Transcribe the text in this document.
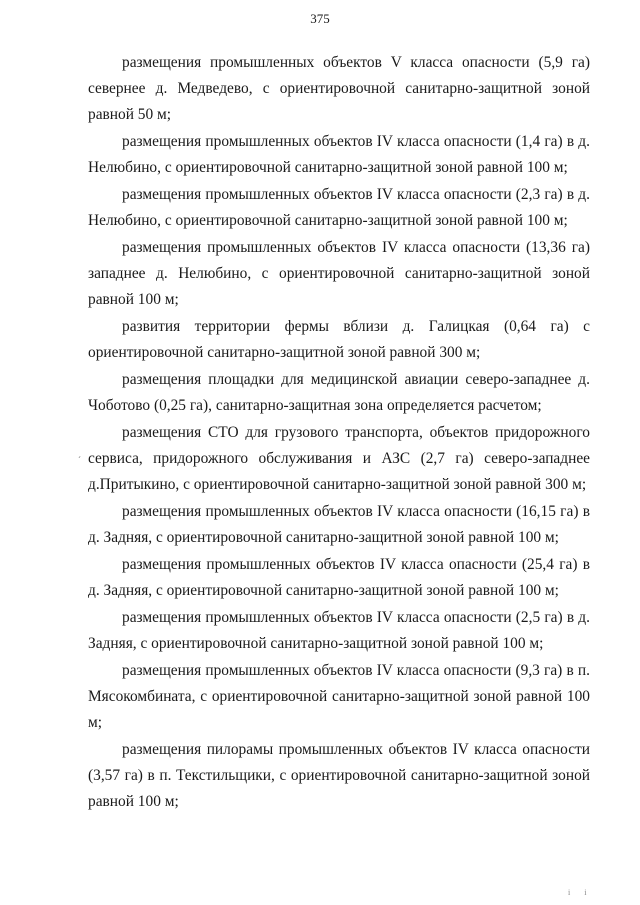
375
´

размещения промышленных объектов V класса опасности (5,9 га) севернее д. Медведево, с ориентировочной санитарно-защитной зоной равной 50 м;

размещения промышленных объектов IV класса опасности (1,4 га) в д. Нелюбино, с ориентировочной санитарно-защитной зоной равной 100 м;

размещения промышленных объектов IV класса опасности (2,3 га) в д. Нелюбино, с ориентировочной санитарно-защитной зоной равной 100 м;

размещения промышленных объектов IV класса опасности (13,36 га) западнее д. Нелюбино, с ориентировочной санитарно-защитной зоной равной 100 м;

развития территории фермы вблизи д. Галицкая (0,64 га) с ориентировочной санитарно-защитной зоной равной 300 м;

размещения площадки для медицинской авиации северо-западнее д. Чоботово (0,25 га), санитарно-защитная зона определяется расчетом;

размещения СТО для грузового транспорта, объектов придорожного сервиса, придорожного обслуживания и АЗС (2,7 га) северо-западнее д.Притыкино, с ориентировочной санитарно-защитной зоной равной 300 м;

размещения промышленных объектов IV класса опасности (16,15 га) в д. Задняя, с ориентировочной санитарно-защитной зоной равной 100 м;

размещения промышленных объектов IV класса опасности (25,4 га) в д. Задняя, с ориентировочной санитарно-защитной зоной равной 100 м;

размещения промышленных объектов IV класса опасности (2,5 га) в д. Задняя, с ориентировочной санитарно-защитной зоной равной 100 м;

размещения промышленных объектов IV класса опасности (9,3 га) в п. Мясокомбината, с ориентировочной санитарно-защитной зоной равной 100 м;

размещения пилорамы промышленных объектов IV класса опасности (3,57 га) в п. Текстильщики, с ориентировочной санитарно-защитной зоной равной 100 м;

i i
